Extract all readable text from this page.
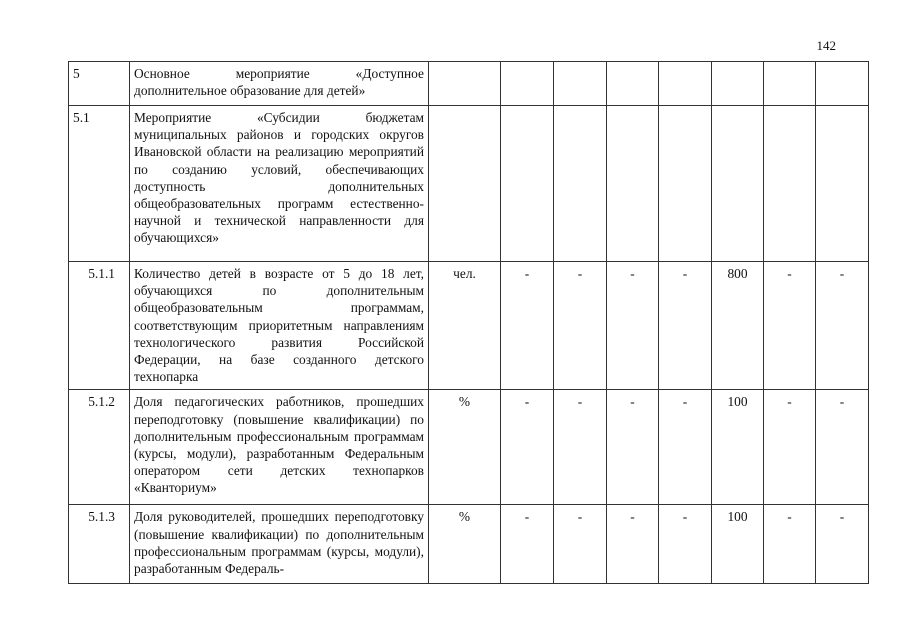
142
5	Основное мероприятие «Доступное дополнительное образование для детей»								
5.1	Мероприятие «Субсидии бюджетам муниципальных районов и городских округов Ивановской области на реализацию мероприятий по созданию условий, обеспечивающих доступность дополнительных общеобразовательных программ естественно-научной и технической направленности для обучающихся»								
5.1.1	Количество детей в возрасте от 5 до 18 лет, обучающихся по дополнительным общеобразовательным программам, соответствующим приоритетным направлениям технологического развития Российской Федерации, на базе созданного детского технопарка	чел.	-	-	-	-	800	-	-
5.1.2	Доля педагогических работников, прошедших переподготовку (повышение квалификации) по дополнительным профессиональным программам (курсы, модули), разработанным Федеральным оператором сети детских технопарков «Кванториум»	%	-	-	-	-	100	-	-
5.1.3	Доля руководителей, прошедших переподготовку (повышение квалификации) по дополнительным профессиональным программам (курсы, модули), разработанным Федераль-	%	-	-	-	-	100	-	-
